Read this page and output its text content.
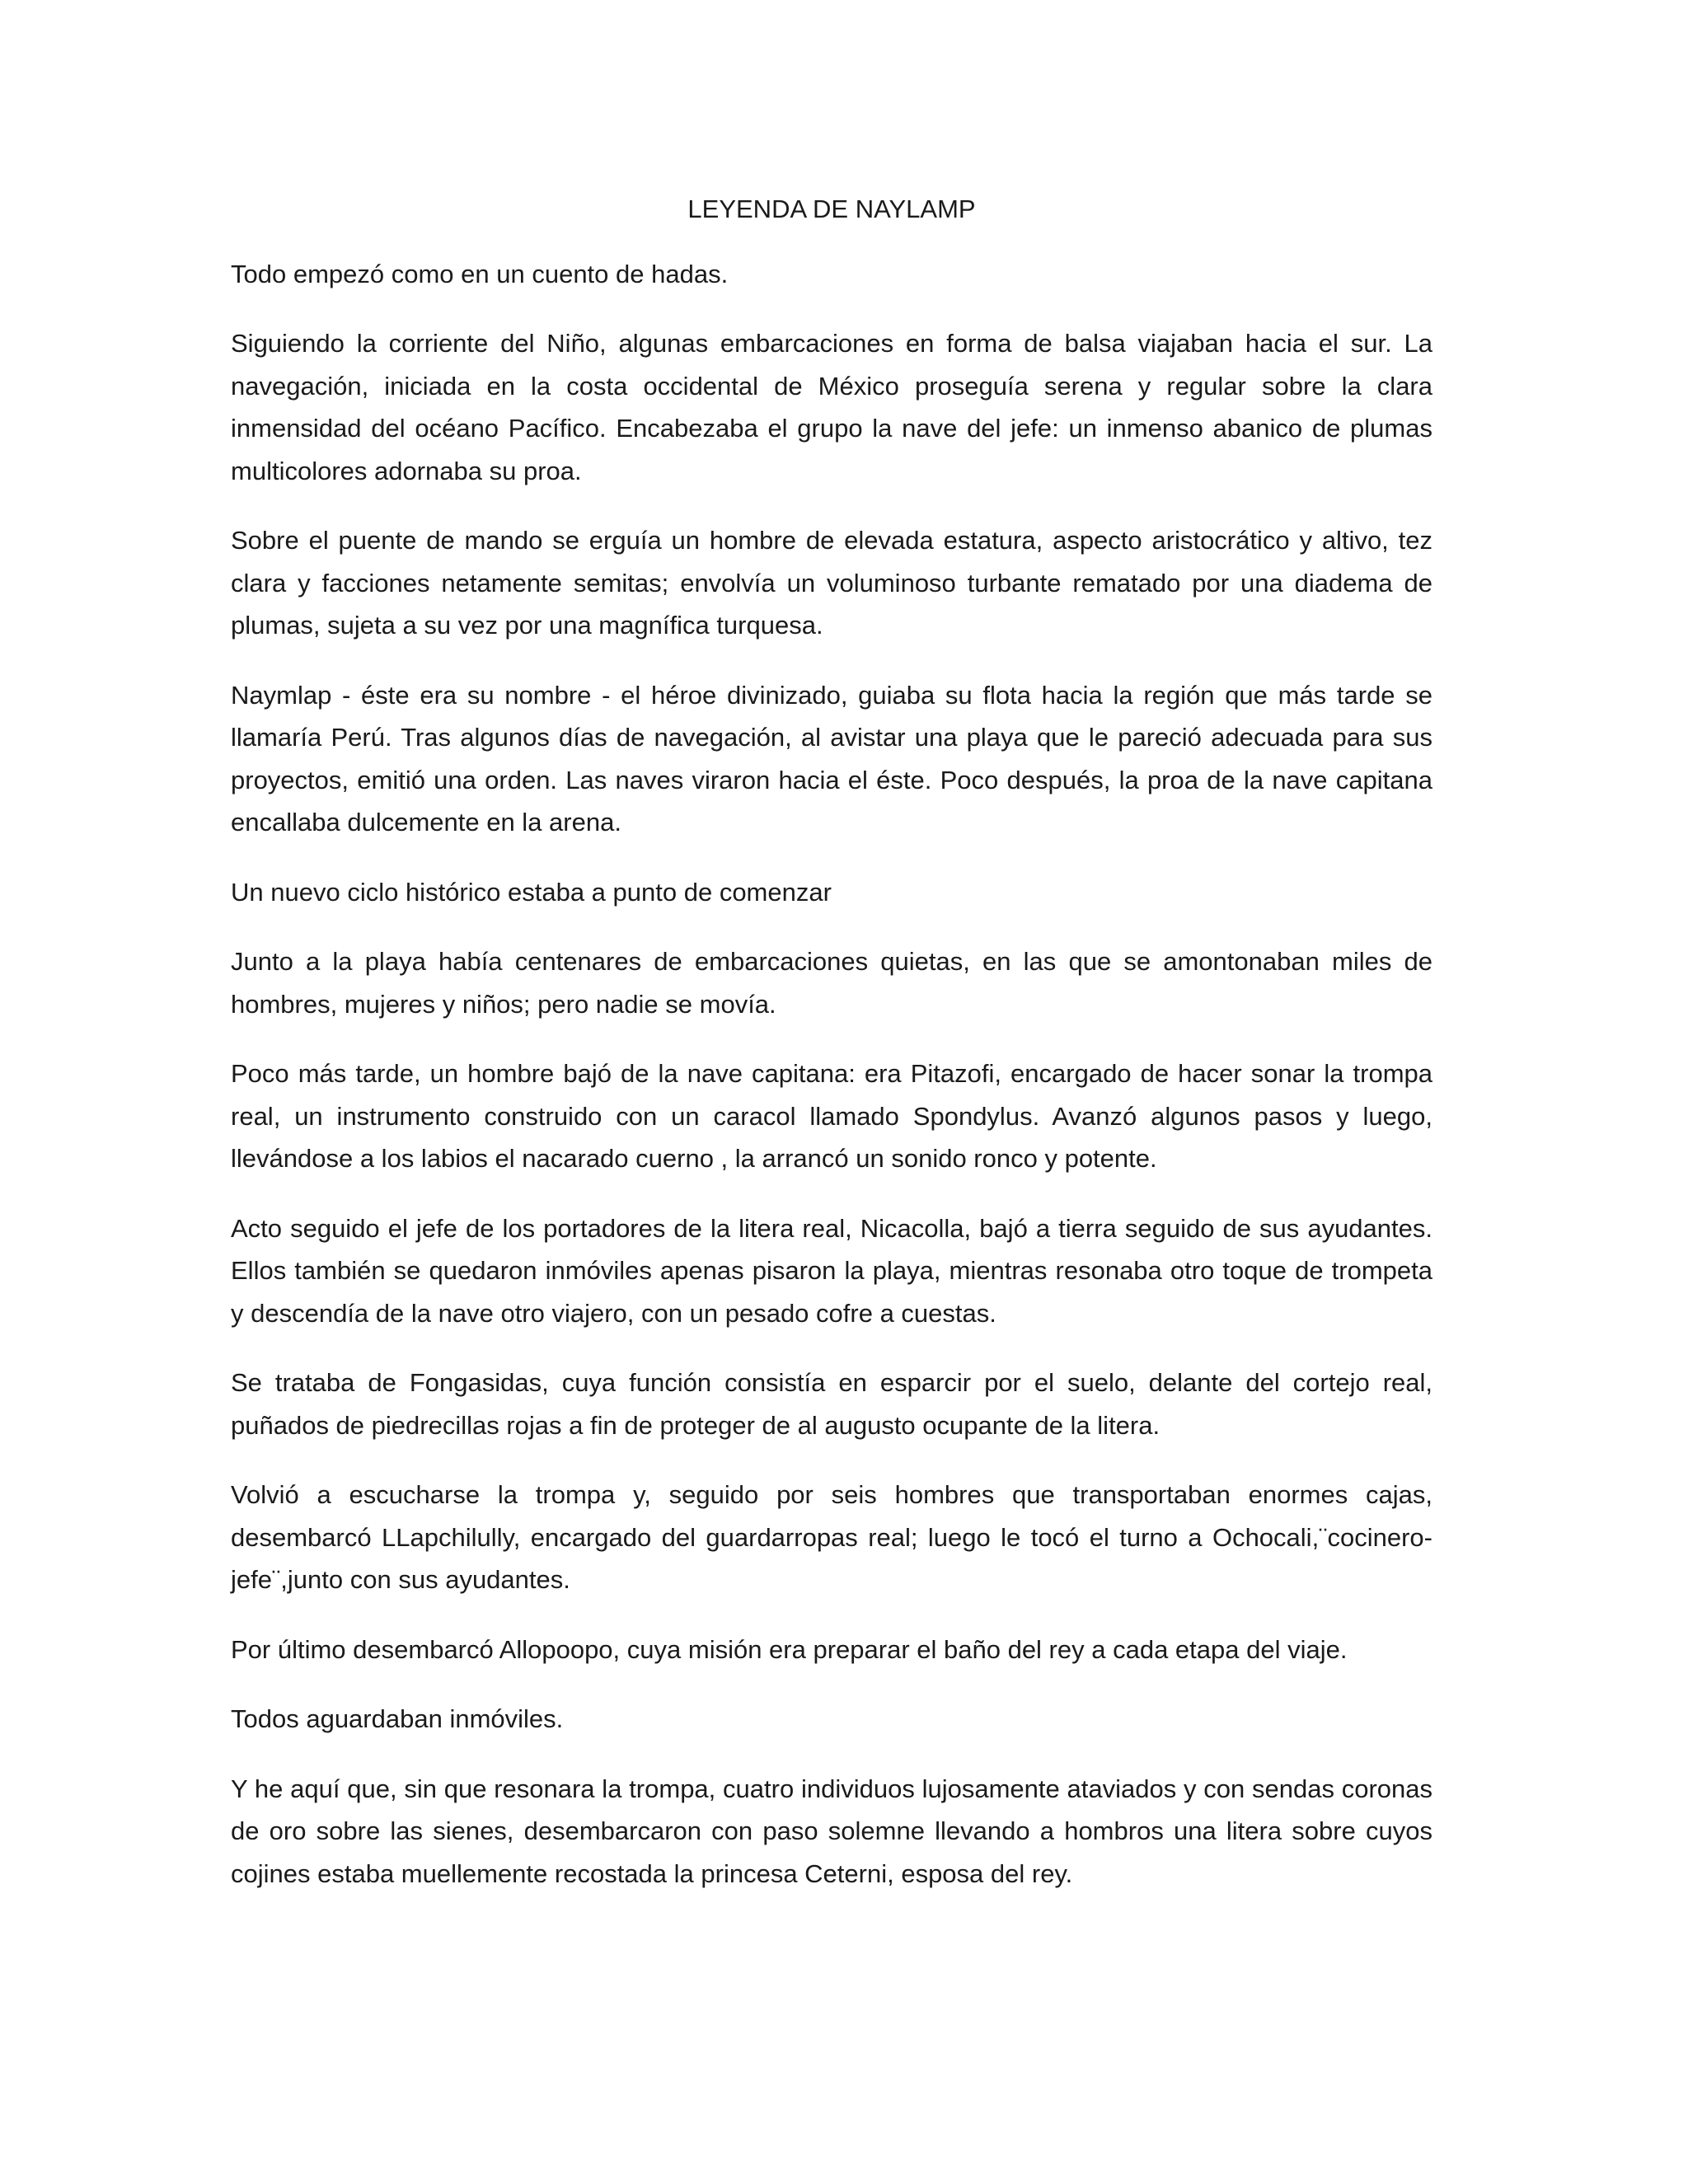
LEYENDA DE NAYLAMP

Todo empezó como en un cuento de hadas.

Siguiendo la corriente del Niño, algunas embarcaciones en forma de balsa viajaban hacia el sur. La navegación, iniciada en la costa occidental de México proseguía serena y regular sobre la clara inmensidad del océano Pacífico. Encabezaba el grupo la nave del jefe: un inmenso abanico de plumas multicolores adornaba su proa.

Sobre el puente de mando se erguía un hombre de elevada estatura, aspecto aristocrático y altivo, tez clara y facciones netamente semitas; envolvía un voluminoso turbante rematado por una diadema de plumas, sujeta a su vez por una magnífica turquesa.

Naymlap - éste era su nombre - el héroe divinizado, guiaba su flota hacia la región que más tarde se llamaría Perú. Tras algunos días de navegación, al avistar una playa que le pareció adecuada para sus proyectos, emitió una orden. Las naves viraron hacia el éste. Poco después, la proa de la nave capitana encallaba dulcemente en la arena.

Un nuevo ciclo histórico estaba a punto de comenzar

Junto a la playa había centenares de embarcaciones quietas, en las que se amontonaban miles de hombres, mujeres y niños; pero nadie se movía.

Poco más tarde, un hombre bajó de la nave capitana: era Pitazofi, encargado de hacer sonar la trompa real, un instrumento construido con un caracol llamado Spondylus. Avanzó algunos pasos y luego, llevándose a los labios el nacarado cuerno , la arrancó un sonido ronco y potente.

Acto seguido el jefe de los portadores de la litera real, Nicacolla, bajó a tierra seguido de sus ayudantes. Ellos también se quedaron inmóviles apenas pisaron la playa, mientras resonaba otro toque de trompeta y descendía de la nave otro viajero, con un pesado cofre a cuestas.

Se trataba de Fongasidas, cuya función consistía en esparcir por el suelo, delante del cortejo real, puñados de piedrecillas rojas a fin de proteger de al augusto ocupante de la litera.

Volvió a escucharse la trompa y, seguido por seis hombres que transportaban enormes cajas, desembarcó LLapchilully, encargado del guardarropas real; luego le tocó el turno a Ochocali,¨cocinero-jefe¨,junto con sus ayudantes.

Por último desembarcó Allopoopo, cuya misión era preparar el baño del rey a cada etapa del viaje.

Todos aguardaban inmóviles.

Y he aquí que, sin que resonara la trompa, cuatro individuos lujosamente ataviados y con sendas coronas de oro sobre las sienes, desembarcaron con paso solemne llevando a hombros una litera sobre cuyos cojines estaba muellemente recostada la princesa Ceterni, esposa del rey.
